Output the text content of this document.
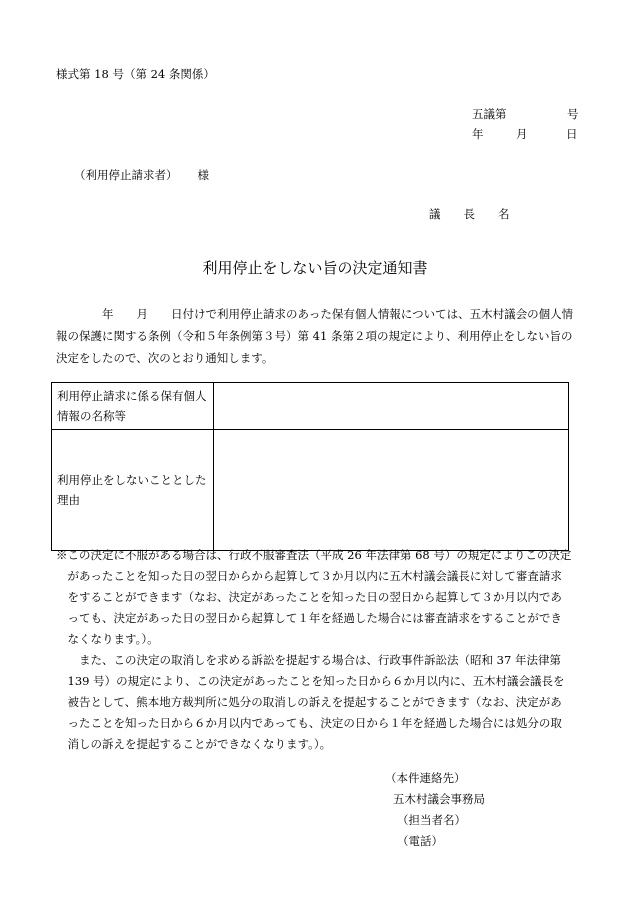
様式第 18 号（第 24 条関係）
五議第	号
年	月	日
（利用停止請求者） 様
議　　長　　名
利用停止をしない旨の決定通知書
　　　　年　　月　　日付けで利用停止請求のあった保有個人情報については、五木村議会の個人情
報の保護に関する条例（令和５年条例第３号）第 41 条第２項の規定により、利用停止をしない旨の
決定をしたので、次のとおり通知します。
利用停止請求に係る保有個人
情報の名称等	

利用停止をしないこととした
理由	

※この決定に不服がある場合は、行政不服審査法（平成 26 年法律第 68 号）の規定によりこの決定
　があったことを知った日の翌日からから起算して３か月以内に五木村議会議長に対して審査請求
　をすることができます（なお、決定があったことを知った日の翌日から起算して３か月以内であ
　っても、決定があった日の翌日から起算して１年を経過した場合には審査請求をすることができ
　なくなります。）。
　　また、この決定の取消しを求める訴訟を提起する場合は、行政事件訴訟法（昭和 37 年法律第
　139 号）の規定により、この決定があったことを知った日から６か月以内に、五木村議会議長を
　被告として、熊本地方裁判所に処分の取消しの訴えを提起することができます（なお、決定があ
　ったことを知った日から６か月以内であっても、決定の日から１年を経過した場合には処分の取
　消しの訴えを提起することができなくなります。）。
（本件連絡先）
五木村議会事務局
（担当者名）
（電話）
